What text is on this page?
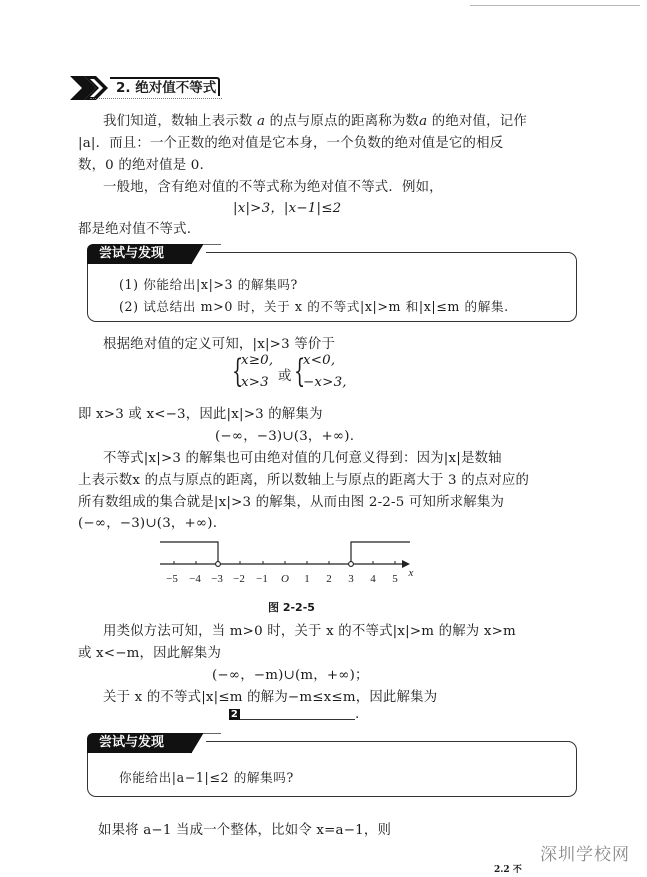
2. 绝对值不等式
我们知道，数轴上表示数 a 的点与原点的距离称为数a 的绝对值，记作
|a|．而且：一个正数的绝对值是它本身，一个负数的绝对值是它的相反
数，0 的绝对值是 0.
一般地，含有绝对值的不等式称为绝对值不等式．例如，
|x|>3，|x−1|≤2
都是绝对值不等式.
尝试与发现
(1) 你能给出|x|>3 的解集吗?
(2) 试总结出 m>0 时，关于 x 的不等式|x|>m 和|x|≤m 的解集.
根据绝对值的定义可知，|x|>3 等价于
{
x≥0,
x>3 或 {
x<0,
−x>3,
即 x>3 或 x<−3，因此|x|>3 的解集为
(−∞，−3)∪(3，+∞).
不等式|x|>3 的解集也可由绝对值的几何意义得到：因为|x|是数轴
上表示数x 的点与原点的距离，所以数轴上与原点的距离大于 3 的点对应的
所有数组成的集合就是|x|>3 的解集，从而由图 2-2-5 可知所求解集为
(−∞，−3)∪(3，+∞).
−5 −4 −3 −2 −1 O 1 2 3 4 5 x
图 2-2-5
用类似方法可知，当 m>0 时，关于 x 的不等式|x|>m 的解为 x>m
或 x<−m，因此解集为
(−∞，−m)∪(m，+∞)；
关于 x 的不等式|x|≤m 的解为−m≤x≤m，因此解集为
2	.
尝试与发现
你能给出|a−1|≤2 的解集吗?
如果将 a−1 当成一个整体，比如令 x=a−1，则
深圳学校网
2.2 不
